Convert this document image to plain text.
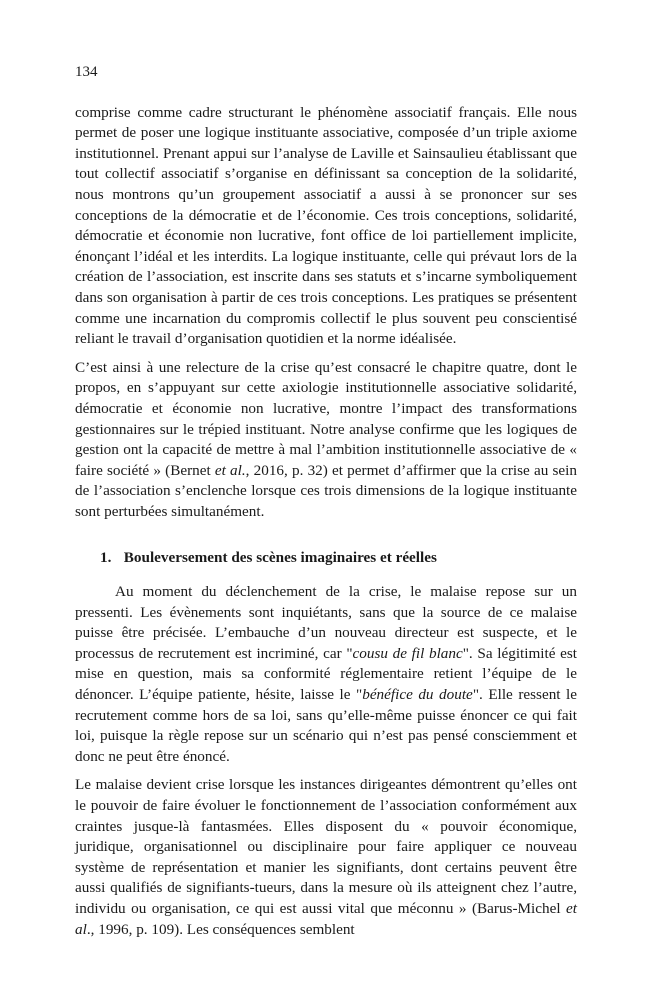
134

comprise comme cadre structurant le phénomène associatif français. Elle nous permet de poser une logique instituante associative, composée d’un triple axiome institutionnel. Prenant appui sur l’analyse de Laville et Sainsaulieu établissant que tout collectif associatif s’organise en définissant sa conception de la solidarité, nous montrons qu’un groupement associatif a aussi à se prononcer sur ses conceptions de la démocratie et de l’économie. Ces trois conceptions, solidarité, démocratie et économie non lucrative, font office de loi partiellement implicite, énonçant l’idéal et les interdits. La logique instituante, celle qui prévaut lors de la création de l’association, est inscrite dans ses statuts et s’incarne symboliquement dans son organisation à partir de ces trois conceptions. Les pratiques se présentent comme une incarnation du compromis collectif le plus souvent peu conscientisé reliant le travail d’organisation quotidien et la norme idéalisée.

C’est ainsi à une relecture de la crise qu’est consacré le chapitre quatre, dont le propos, en s’appuyant sur cette axiologie institutionnelle associative solidarité, démocratie et économie non lucrative, montre l’impact des transformations gestionnaires sur le trépied instituant. Notre analyse confirme que les logiques de gestion ont la capacité de mettre à mal l’ambition institutionnelle associative de « faire société » (Bernet et al., 2016, p. 32) et permet d’affirmer que la crise au sein de l’association s’enclenche lorsque ces trois dimensions de la logique instituante sont perturbées simultanément.

1. Bouleversement des scènes imaginaires et réelles

Au moment du déclenchement de la crise, le malaise repose sur un pressenti. Les évènements sont inquiétants, sans que la source de ce malaise puisse être précisée. L’embauche d’un nouveau directeur est suspecte, et le processus de recrutement est incriminé, car "cousu de fil blanc". Sa légitimité est mise en question, mais sa conformité réglementaire retient l’équipe de le dénoncer. L’équipe patiente, hésite, laisse le "bénéfice du doute". Elle ressent le recrutement comme hors de sa loi, sans qu’elle-même puisse énoncer ce qui fait loi, puisque la règle repose sur un scénario qui n’est pas pensé consciemment et donc ne peut être énoncé.

Le malaise devient crise lorsque les instances dirigeantes démontrent qu’elles ont le pouvoir de faire évoluer le fonctionnement de l’association conformément aux craintes jusque-là fantasmées. Elles disposent du « pouvoir économique, juridique, organisationnel ou disciplinaire pour faire appliquer ce nouveau système de représentation et manier les signifiants, dont certains peuvent être aussi qualifiés de signifiants-tueurs, dans la mesure où ils atteignent chez l’autre, individu ou organisation, ce qui est aussi vital que méconnu » (Barus-Michel et al., 1996, p. 109). Les conséquences semblent
